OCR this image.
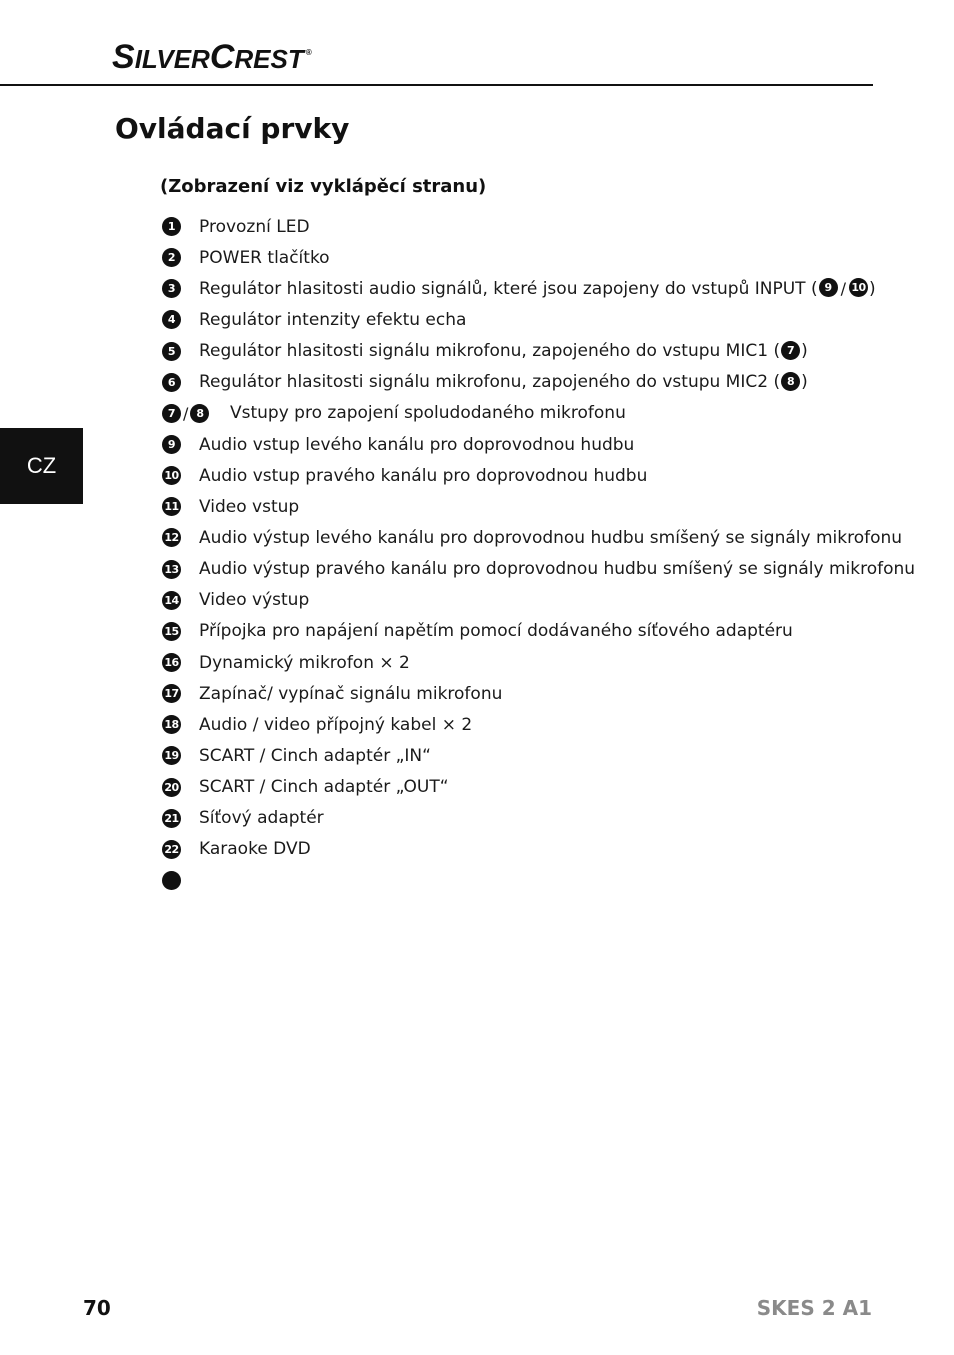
SILVERCREST ®
Ovládací prvky
(Zobrazení viz vyklápěcí stranu)
1	Provozní LED
2	POWER tlačítko
3	Regulátor hlasitosti audio signálů, které jsou zapojeny do vstupů INPUT ( 9 / 10 )
4	Regulátor intenzity efektu echa
5	Regulátor hlasitosti signálu mikrofonu, zapojeného do vstupu MIC1 ( 7 )
6	Regulátor hlasitosti signálu mikrofonu, zapojeného do vstupu MIC2 ( 8 )
7 / 8	Vstupy pro zapojení spoludodaného mikrofonu
9	Audio vstup levého kanálu pro doprovodnou hudbu
10 Audio vstup pravého kanálu pro doprovodnou hudbu
11 Video vstup
12 Audio výstup levého kanálu pro doprovodnou hudbu smíšený se signály mikrofonu
13 Audio výstup pravého kanálu pro doprovodnou hudbu smíšený se signály mikrofonu
14 Video výstup
15 Přípojka pro napájení napětím pomocí dodávaného síťového adaptéru
16 Dynamický mikrofon × 2
17 Zapínač/ vypínač signálu mikrofonu
18 Audio / video přípojný kabel × 2
19 SCART / Cinch adaptér „IN“
20 SCART / Cinch adaptér „OUT“
21 Síťový adaptér
22 Karaoke DVD
CZ
70	SKES 2 A1
